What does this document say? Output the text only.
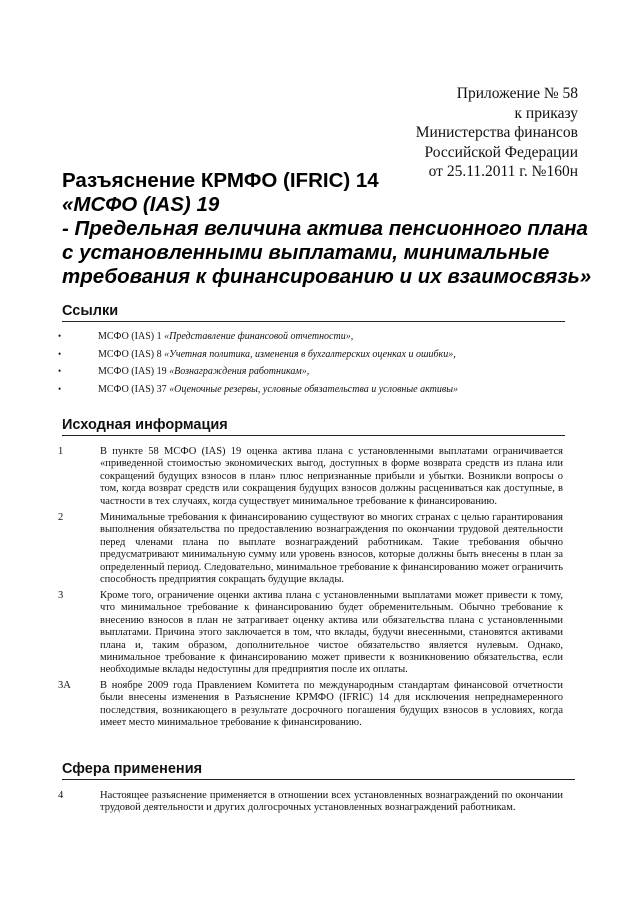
Приложение № 58
к приказу
Министерства финансов
Российской Федерации
от 25.11.2011 г. №160н
Разъяснение КРМФО (IFRIC) 14
«МСФО (IAS) 19
- Предельная величина актива пенсионного плана
с установленными выплатами, минимальные
требования к финансированию и их взаимосвязь»
Ссылки
•	МСФО (IAS) 1 «Представление финансовой отчетности»,
•	МСФО (IAS) 8 «Учетная политика, изменения в бухгалтерских оценках и ошибки»,
•	МСФО (IAS) 19 «Вознаграждения работникам»,
•	МСФО (IAS) 37 «Оценочные резервы, условные обязательства и условные активы»
Исходная информация
1	В пункте 58 МСФО (IAS) 19 оценка актива плана с установленными выплатами ограничивается «приведенной стоимостью экономических выгод, доступных в форме возврата средств из плана или сокращений будущих взносов в план» плюс непризнанные прибыли и убытки. Возникли вопросы о том, когда возврат средств или сокращения будущих взносов должны расцениваться как доступные, в частности в тех случаях, когда существует минимальное требование к финансированию.
2	Минимальные требования к финансированию существуют во многих странах с целью гарантирования выполнения обязательства по предоставлению вознаграждения по окончании трудовой деятельности перед членами плана по выплате вознаграждений работникам. Такие требования обычно предусматривают минимальную сумму или уровень взносов, которые должны быть внесены в план за определенный период. Следовательно, минимальное требование к финансированию может ограничить способность предприятия сокращать будущие вклады.
3	Кроме того, ограничение оценки актива плана с установленными выплатами может привести к тому, что минимальное требование к финансированию будет обременительным. Обычно требование к внесению взносов в план не затрагивает оценку актива или обязательства плана с установленными выплатами. Причина этого заключается в том, что вклады, будучи внесенными, становятся активами плана и, таким образом, дополнительное чистое обязательство является нулевым. Однако, минимальное требование к финансированию может привести к возникновению обязательства, если необходимые вклады недоступны для предприятия после их оплаты.
3А	В ноябре 2009 года Правлением Комитета по международным стандартам финансовой отчетности были внесены изменения в Разъяснение КРМФО (IFRIC) 14 для исключения непреднамеренного последствия, возникающего в результате досрочного погашения будущих взносов в условиях, когда имеет место минимальное требование к финансированию.
Сфера применения
4	Настоящее разъяснение применяется в отношении всех установленных вознаграждений по окончании трудовой деятельности и других долгосрочных установленных вознаграждений работникам.
